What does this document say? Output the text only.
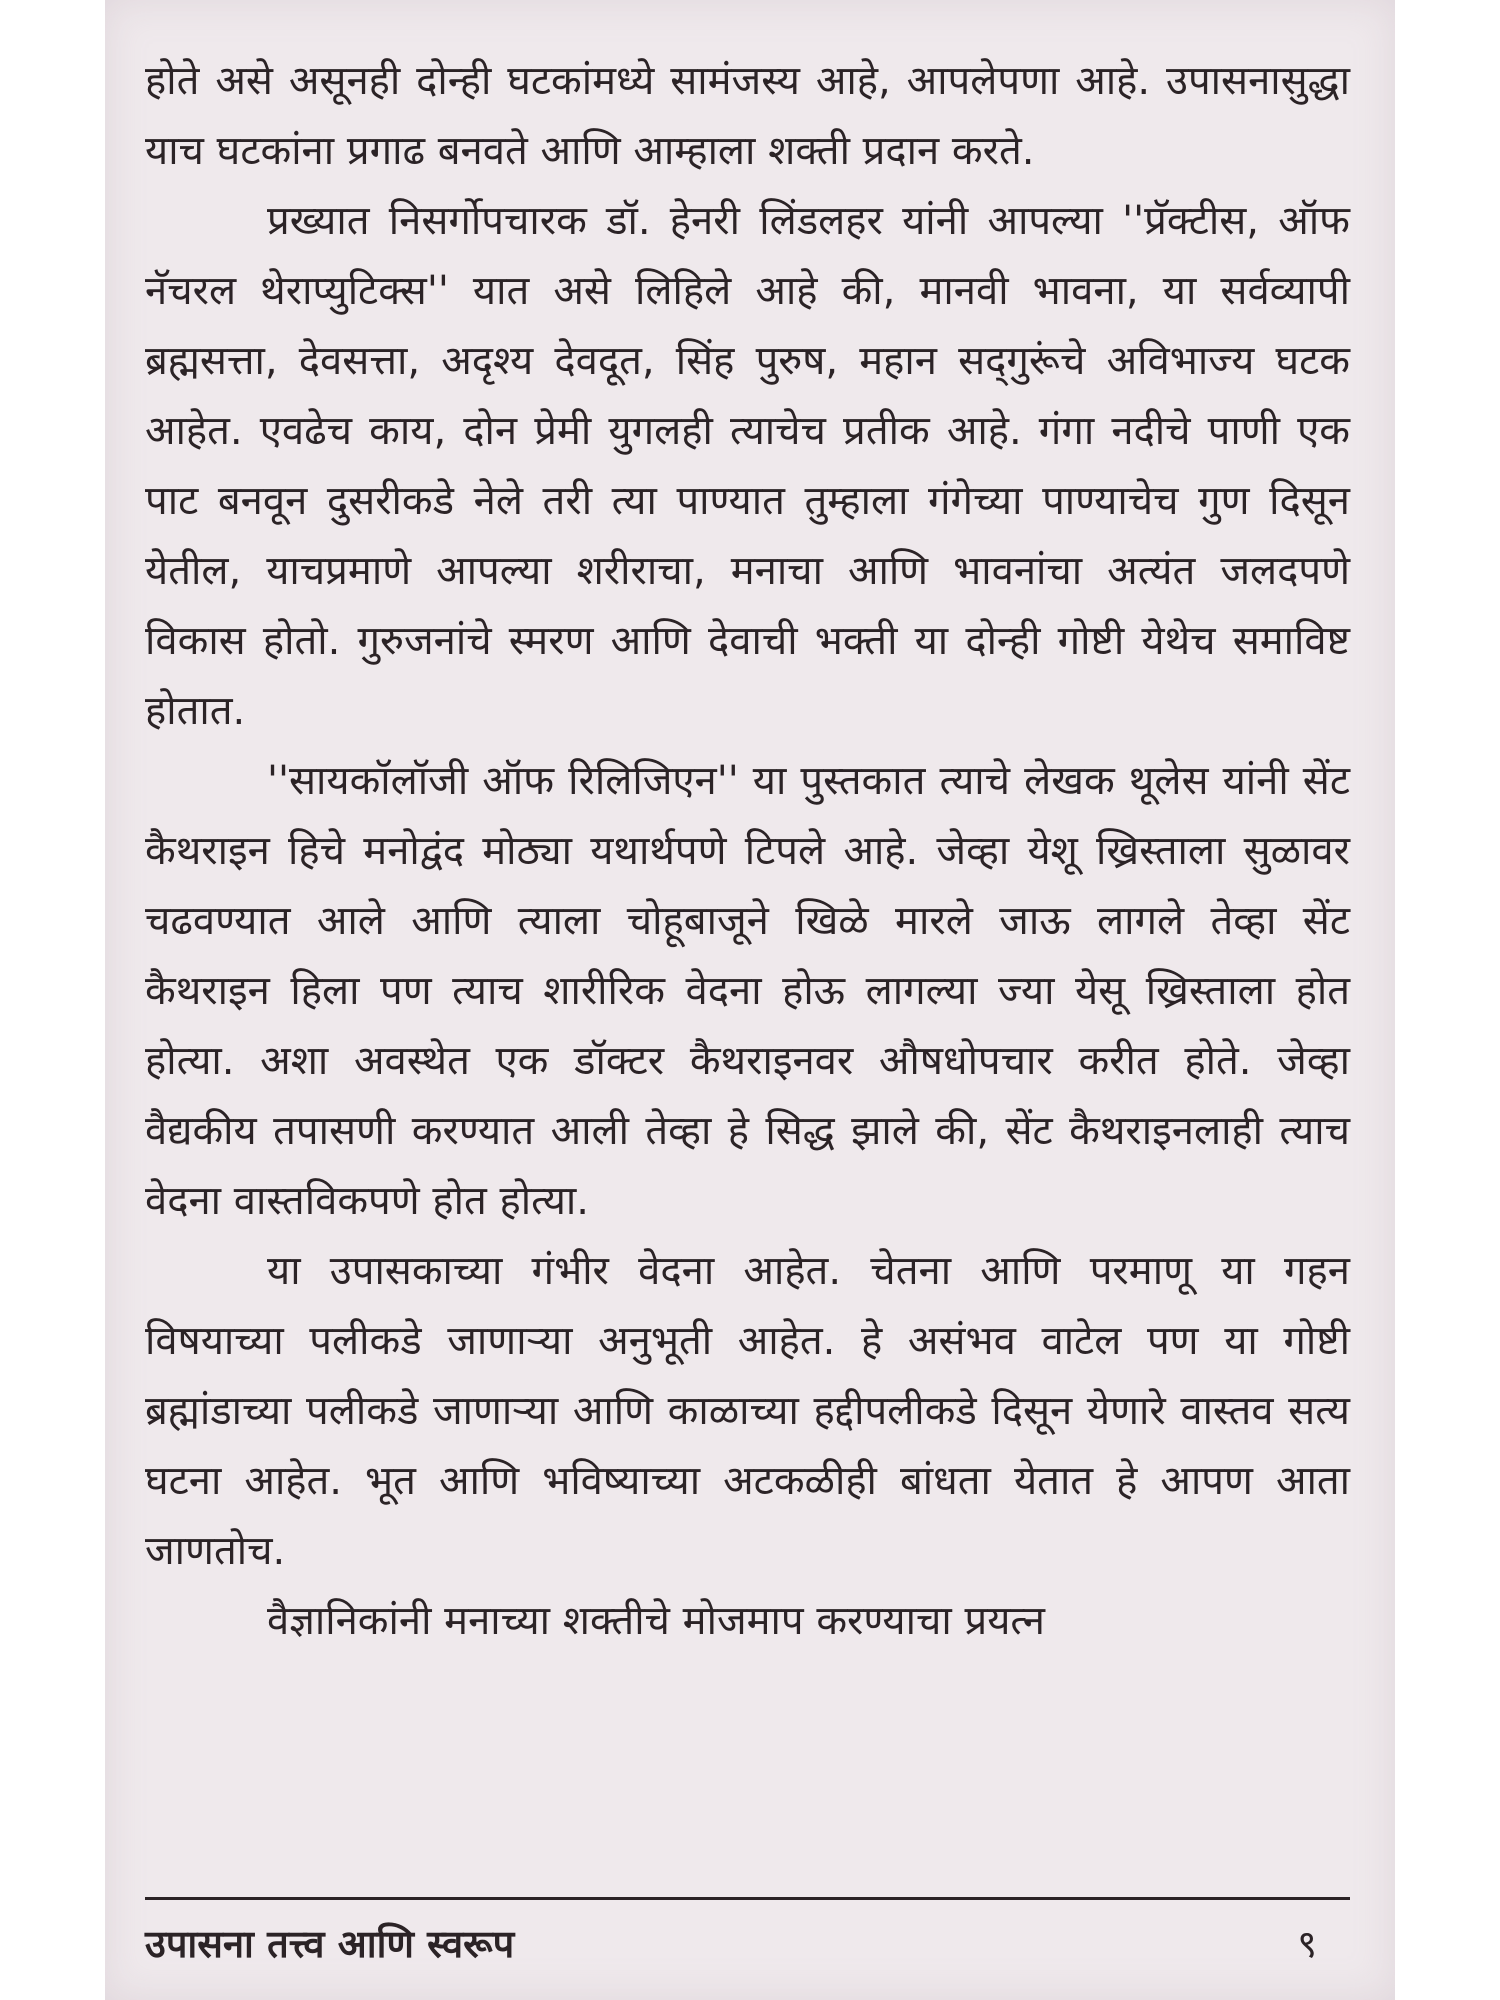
होते असे असूनही दोन्ही घटकांमध्ये सामंजस्य आहे, आपलेपणा आहे. उपासनासुद्धा याच घटकांना प्रगाढ बनवते आणि आम्हाला शक्ती प्रदान करते.

प्रख्यात निसर्गोपचारक डॉ. हेनरी लिंडलहर यांनी आपल्या ''प्रॅक्टीस, ऑफ नॅचरल थेराप्युटिक्स'' यात असे लिहिले आहे की, मानवी भावना, या सर्वव्यापी ब्रह्मसत्ता, देवसत्ता, अदृश्य देवदूत, सिंह पुरुष, महान सद्‌गुरूंचे अविभाज्य घटक आहेत. एवढेच काय, दोन प्रेमी युगलही त्याचेच प्रतीक आहे. गंगा नदीचे पाणी एक पाट बनवून दुसरीकडे नेले तरी त्या पाण्यात तुम्हाला गंगेच्या पाण्याचेच गुण दिसून येतील, याचप्रमाणे आपल्या शरीराचा, मनाचा आणि भावनांचा अत्यंत जलदपणे विकास होतो. गुरुजनांचे स्मरण आणि देवाची भक्ती या दोन्ही गोष्टी येथेच समाविष्ट होतात.

''सायकॉलॉजी ऑफ रिलिजिएन'' या पुस्तकात त्याचे लेखक थूलेस यांनी सेंट कैथराइन हिचे मनोद्वंद मोठ्या यथार्थपणे टिपले आहे. जेव्हा येशू ख्रिस्ताला सुळावर चढवण्यात आले आणि त्याला चोहूबाजूने खिळे मारले जाऊ लागले तेव्हा सेंट कैथराइन हिला पण त्याच शारीरिक वेदना होऊ लागल्या ज्या येसू ख्रिस्ताला होत होत्या. अशा अवस्थेत एक डॉक्टर कैथराइनवर औषधोपचार करीत होते. जेव्हा वैद्यकीय तपासणी करण्यात आली तेव्हा हे सिद्ध झाले की, सेंट कैथराइनलाही त्याच वेदना वास्तविकपणे होत होत्या.

या उपासकाच्या गंभीर वेदना आहेत. चेतना आणि परमाणू या गहन विषयाच्या पलीकडे जाणाऱ्या अनुभूती आहेत. हे असंभव वाटेल पण या गोष्टी ब्रह्मांडाच्या पलीकडे जाणाऱ्या आणि काळाच्या हद्दीपलीकडे दिसून येणारे वास्तव सत्य घटना आहेत. भूत आणि भविष्याच्या अटकळीही बांधता येतात हे आपण आता जाणतोच.

वैज्ञानिकांनी मनाच्या शक्तीचे मोजमाप करण्याचा प्रयत्न

उपासना तत्त्व आणि स्वरूप	९
